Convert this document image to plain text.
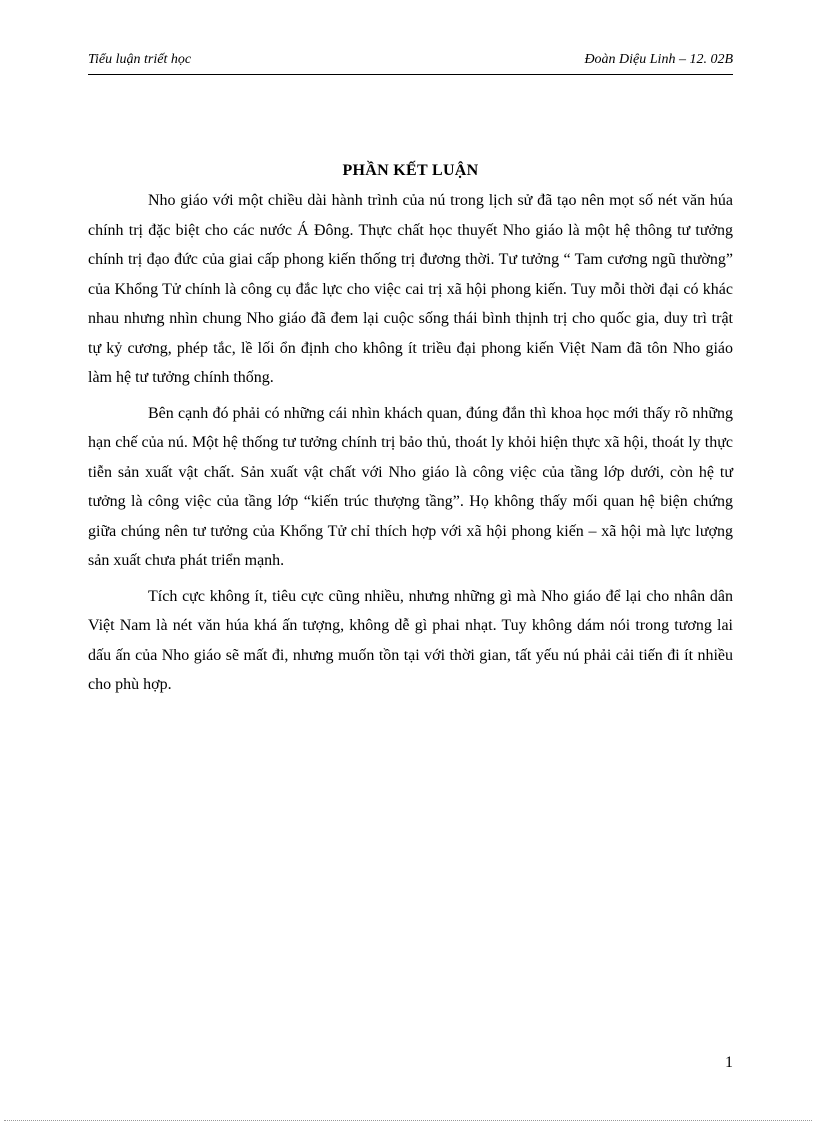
Tiểu luận triết học	Đoàn Diệu Linh – 12. 02B
PHẦN KẾT LUẬN

Nho giáo với một chiều dài hành trình của nú trong lịch sử đã tạo nên mọt số nét văn húa chính trị đặc biệt cho các nước Á Đông. Thực chất học thuyết Nho giáo là một hệ thông tư tưởng chính trị đạo đức của giai cấp phong kiến thống trị đương thời. Tư tưởng “ Tam cương ngũ thường” của Khổng Tử chính là công cụ đắc lực cho việc cai trị xã hội phong kiến. Tuy mỗi thời đại có khác nhau nhưng nhìn chung Nho giáo đã đem lại cuộc sống thái bình thịnh trị cho quốc gia, duy trì trật tự kỷ cương, phép tắc, lề lối ổn định cho không ít triều đại phong kiến Việt Nam đã tôn Nho giáo làm hệ tư tưởng chính thống.

Bên cạnh đó phải có những cái nhìn khách quan, đúng đắn thì khoa học mới thấy rõ những hạn chế của nú. Một hệ thống tư tưởng chính trị bảo thủ, thoát ly khỏi hiện thực xã hội, thoát ly thực tiễn sản xuất vật chất. Sản xuất vật chất với Nho giáo là công việc của tầng lớp dưới, còn hệ tư tưởng là công việc của tầng lớp “kiến trúc thượng tầng”. Họ không thấy mối quan hệ biện chứng giữa chúng nên tư tưởng của Khổng Tử chỉ thích hợp với xã hội phong kiến – xã hội mà lực lượng sản xuất chưa phát triển mạnh.

Tích cực không ít, tiêu cực cũng nhiều, nhưng những gì mà Nho giáo để lại cho nhân dân Việt Nam là nét văn húa khá ấn tượng, không dễ gì phai nhạt. Tuy không dám nói trong tương lai dấu ấn của Nho giáo sẽ mất đi, nhưng muốn tồn tại với thời gian, tất yếu nú phải cải tiến đi ít nhiều cho phù hợp.

1
